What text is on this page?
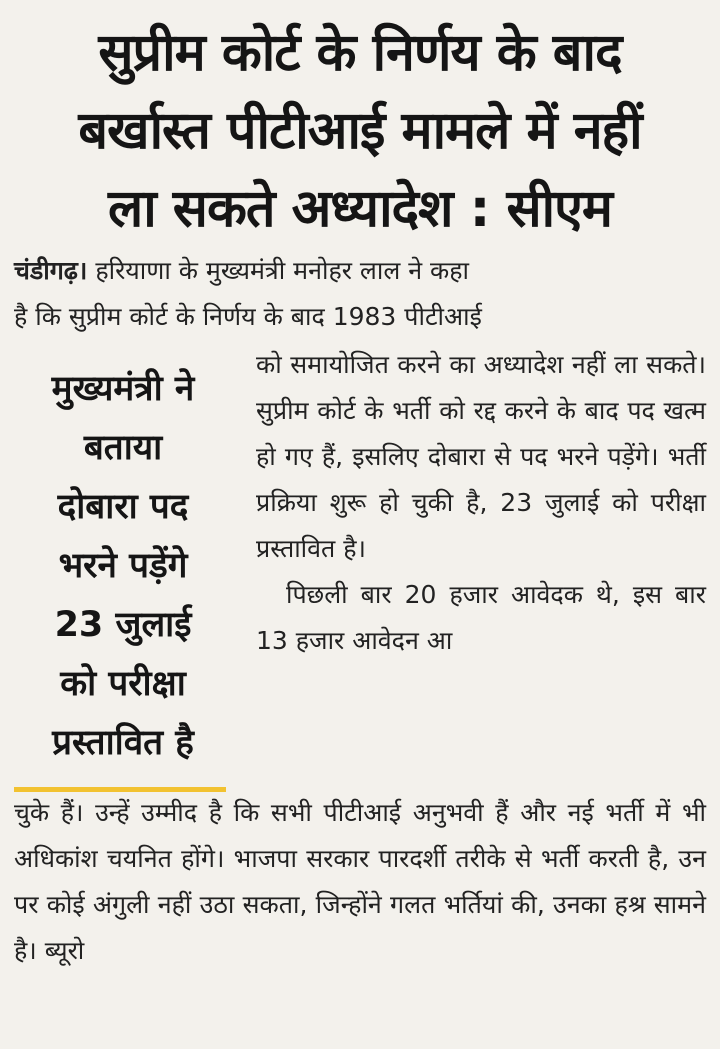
सुप्रीम कोर्ट के निर्णय के बाद
बर्खास्त पीटीआई मामले में नहीं
ला सकते अध्यादेश : सीएम

चंडीगढ़। हरियाणा के मुख्यमंत्री मनोहर लाल ने कहा

है कि सुप्रीम कोर्ट के निर्णय के बाद 1983 पीटीआई

मुख्यमंत्री ने
बताया
दोबारा पद
भरने पड़ेंगे
23 जुलाई
को परीक्षा
प्रस्तावित है

को समायोजित करने का अध्यादेश नहीं ला सकते। सुप्रीम कोर्ट के भर्ती को रद्द करने के बाद पद खत्म हो गए हैं, इसलिए दोबारा से पद भरने पड़ेंगे। भर्ती प्रक्रिया शुरू हो चुकी है, 23 जुलाई को परीक्षा प्रस्तावित है।

पिछली बार 20 हजार आवेदक थे, इस बार 13 हजार आवेदन आ

चुके हैं। उन्हें उम्मीद है कि सभी पीटीआई अनुभवी हैं और नई भर्ती में भी अधिकांश चयनित होंगे। भाजपा सरकार पारदर्शी तरीके से भर्ती करती है, उन पर कोई अंगुली नहीं उठा सकता, जिन्होंने गलत भर्तियां की, उनका हश्र सामने है। ब्यूरो
